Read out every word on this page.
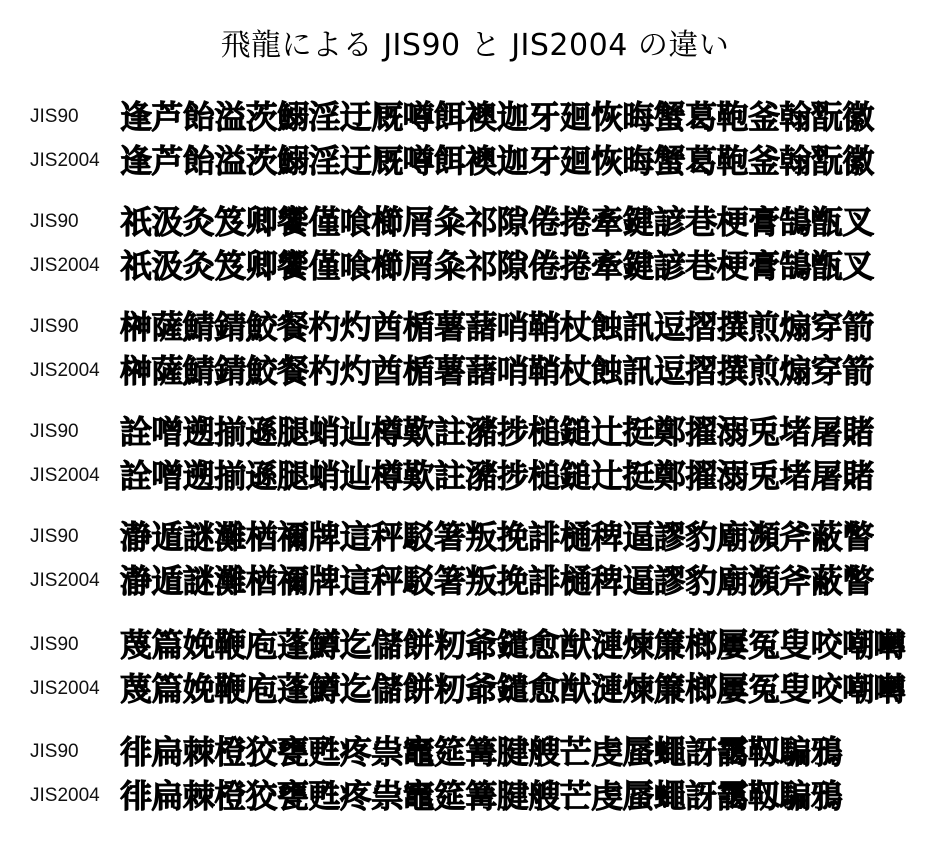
飛龍による JIS90 と JIS2004 の違い
JIS90 逢芦飴溢茨鰯淫迂厩噂餌襖迦牙廻恢晦蟹葛鞄釜翰翫徽
JIS2004 逢芦飴溢茨鰯淫迂厩噂餌襖迦牙廻恢晦蟹葛鞄釜翰翫徽
JIS90 祇汲灸笈卿饗僅喰櫛屑粂祁隙倦捲牽鍵諺巷梗膏鵠甑叉
JIS2004 祇汲灸笈卿饗僅喰櫛屑粂祁隙倦捲牽鍵諺巷梗膏鵠甑叉
JIS90 榊薩鯖錆鮫餐杓灼酋楯薯藷哨鞘杖蝕訊逗摺撰煎煽穿箭
JIS2004 榊薩鯖錆鮫餐杓灼酋楯薯藷哨鞘杖蝕訊逗摺撰煎煽穿箭
JIS90 詮噌遡揃遜腿蛸辿樽歎註瀦捗槌鎚辻挺鄭擢溺兎堵屠賭
JIS2004 詮噌遡揃遜腿蛸辿樽歎註瀦捗槌鎚辻挺鄭擢溺兎堵屠賭
JIS90 瀞遁謎灘楢禰牌這秤駁箸叛挽誹樋稗逼謬豹廟瀕斧蔽瞥
JIS2004 瀞遁謎灘楢禰牌這秤駁箸叛挽誹樋稗逼謬豹廟瀕斧蔽瞥
JIS90 蔑篇娩鞭庖蓬鱒迄儲餅籾爺鑓愈猷漣煉簾榔屢冤叟咬嘲囀
JIS2004 蔑篇娩鞭庖蓬鱒迄儲餅籾爺鑓愈猷漣煉簾榔屢冤叟咬嘲囀
JIS90 徘扁棘橙狡甕甦疼祟竈筵篝腱艘芒虔蜃蠅訝靄靱騙鴉
JIS2004 徘扁棘橙狡甕甦疼祟竈筵篝腱艘芒虔蜃蠅訝靄靱騙鴉
